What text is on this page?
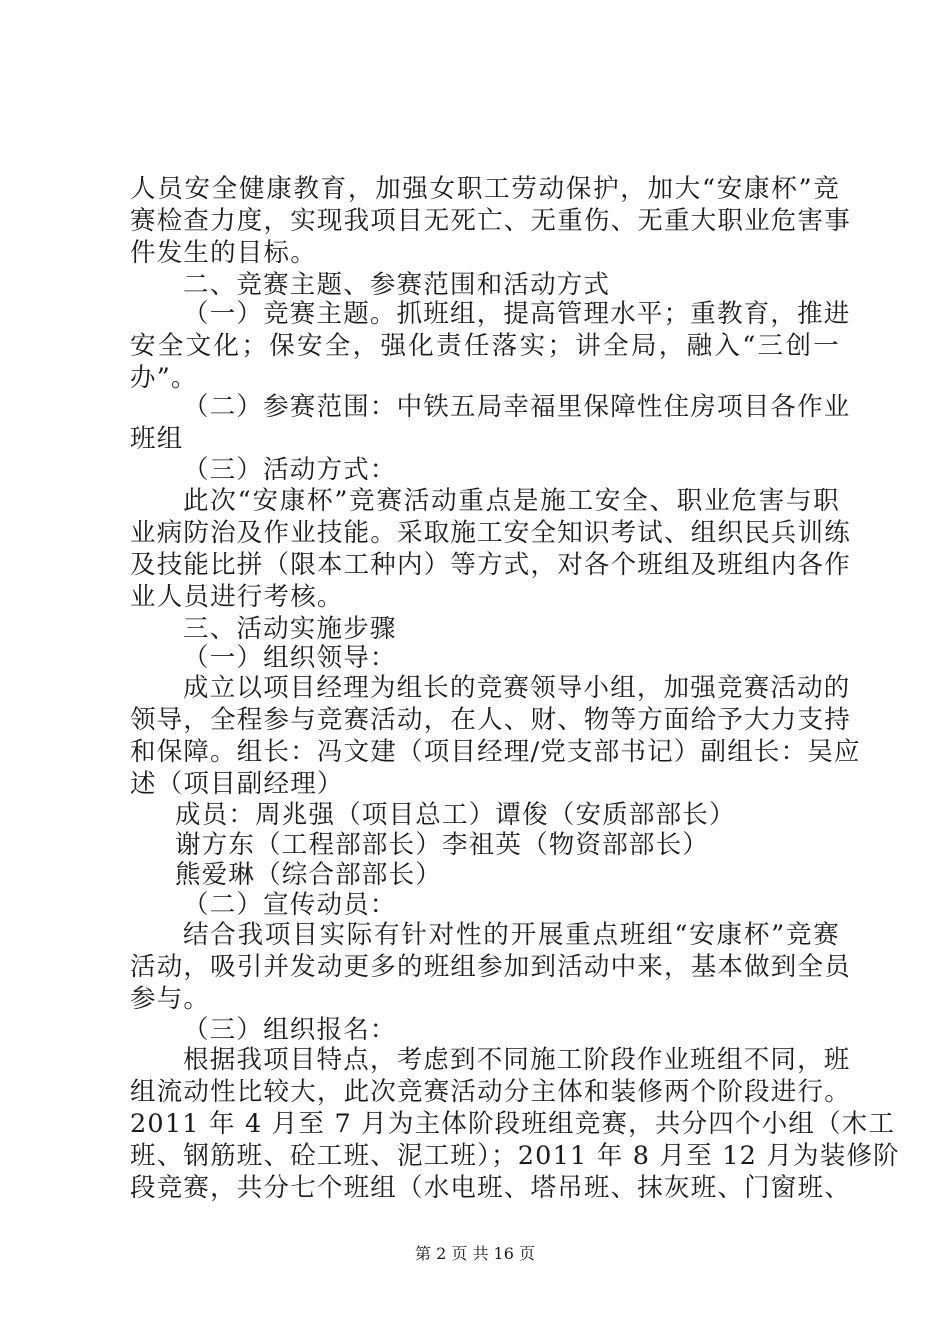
人员安全健康教育，加强女职工劳动保护，加大“安康杯”竞
赛检查力度，实现我项目无死亡、无重伤、无重大职业危害事
件发生的目标。
二、竞赛主题、参赛范围和活动方式
（一）竞赛主题。抓班组，提高管理水平；重教育，推进
安全文化；保安全，强化责任落实；讲全局，融入“三创一
办”。
（二）参赛范围：中铁五局幸福里保障性住房项目各作业
班组
（三）活动方式：
此次“安康杯”竞赛活动重点是施工安全、职业危害与职
业病防治及作业技能。采取施工安全知识考试、组织民兵训练
及技能比拼（限本工种内）等方式，对各个班组及班组内各作
业人员进行考核。
三、活动实施步骤
（一）组织领导：
成立以项目经理为组长的竞赛领导小组，加强竞赛活动的
领导，全程参与竞赛活动，在人、财、物等方面给予大力支持
和保障。组长：冯文建（项目经理/党支部书记）副组长：吴应
述（项目副经理）
成员：周兆强（项目总工）谭俊（安质部部长）
谢方东（工程部部长）李祖英（物资部部长）
熊爱琳（综合部部长）
（二）宣传动员：
结合我项目实际有针对性的开展重点班组“安康杯”竞赛
活动，吸引并发动更多的班组参加到活动中来，基本做到全员
参与。
（三）组织报名：
根据我项目特点，考虑到不同施工阶段作业班组不同，班
组流动性比较大，此次竞赛活动分主体和装修两个阶段进行。
2011 年 4 月至 7 月为主体阶段班组竞赛，共分四个小组（木工
班、钢筋班、砼工班、泥工班）；2011 年 8 月至 12 月为装修阶
段竞赛，共分七个班组（水电班、塔吊班、抹灰班、门窗班、
第 2 页 共 16 页
